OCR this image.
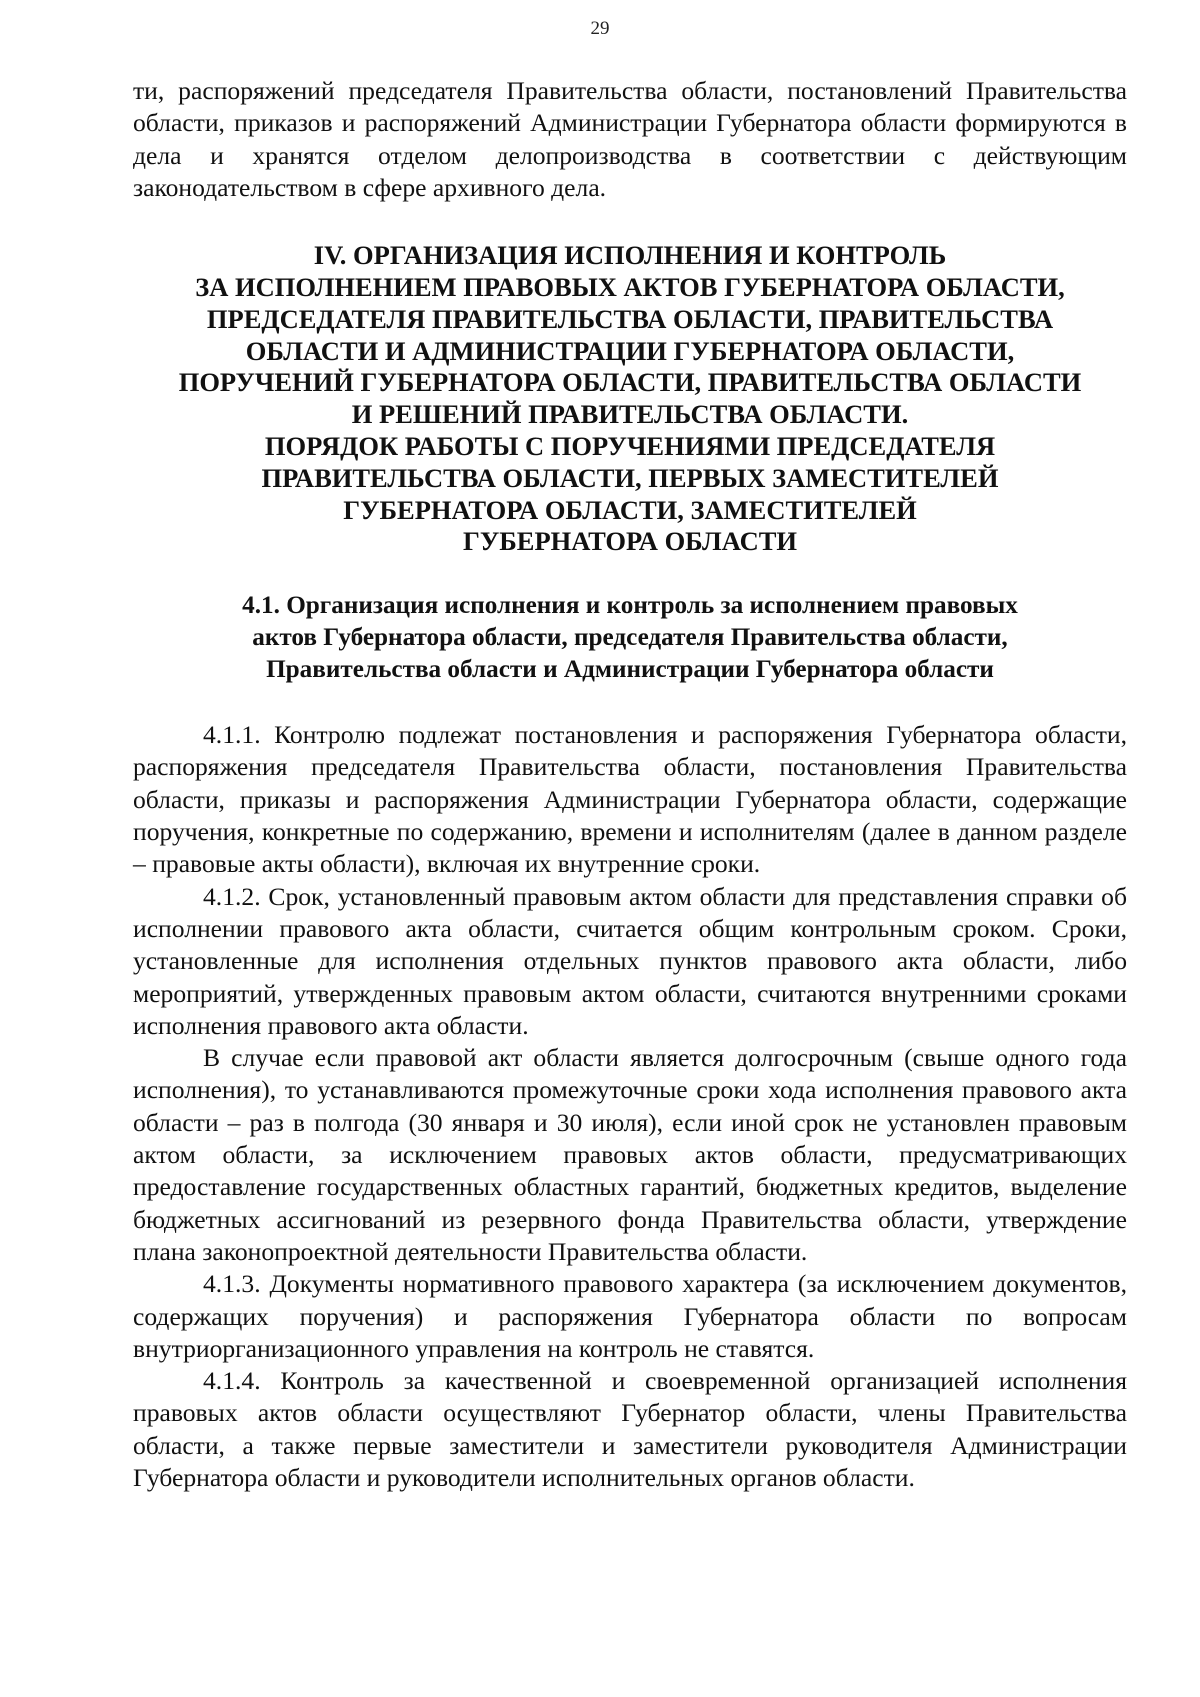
29

ти, распоряжений председателя Правительства области, постановлений Правительства области, приказов и распоряжений Администрации Губернатора области формируются в дела и хранятся отделом делопроизводства в соответствии с действующим законодательством в сфере архивного дела.

IV. ОРГАНИЗАЦИЯ ИСПОЛНЕНИЯ И КОНТРОЛЬ
ЗА ИСПОЛНЕНИЕМ ПРАВОВЫХ АКТОВ ГУБЕРНАТОРА ОБЛАСТИ,
ПРЕДСЕДАТЕЛЯ ПРАВИТЕЛЬСТВА ОБЛАСТИ, ПРАВИТЕЛЬСТВА
ОБЛАСТИ И АДМИНИСТРАЦИИ ГУБЕРНАТОРА ОБЛАСТИ,
ПОРУЧЕНИЙ ГУБЕРНАТОРА ОБЛАСТИ, ПРАВИТЕЛЬСТВА ОБЛАСТИ
И РЕШЕНИЙ ПРАВИТЕЛЬСТВА ОБЛАСТИ.
ПОРЯДОК РАБОТЫ С ПОРУЧЕНИЯМИ ПРЕДСЕДАТЕЛЯ
ПРАВИТЕЛЬСТВА ОБЛАСТИ, ПЕРВЫХ ЗАМЕСТИТЕЛЕЙ
ГУБЕРНАТОРА ОБЛАСТИ, ЗАМЕСТИТЕЛЕЙ
ГУБЕРНАТОРА ОБЛАСТИ
4.1. Организация исполнения и контроль за исполнением правовых
актов Губернатора области, председателя Правительства области,
Правительства области и Администрации Губернатора области

4.1.1. Контролю подлежат постановления и распоряжения Губернатора области, распоряжения председателя Правительства области, постановления Правительства области, приказы и распоряжения Администрации Губернатора области, содержащие поручения, конкретные по содержанию, времени и исполнителям (далее в данном разделе – правовые акты области), включая их внутренние сроки.

4.1.2. Срок, установленный правовым актом области для представления справки об исполнении правового акта области, считается общим контрольным сроком. Сроки, установленные для исполнения отдельных пунктов правового акта области, либо мероприятий, утвержденных правовым актом области, считаются внутренними сроками исполнения правового акта области.

В случае если правовой акт области является долгосрочным (свыше одного года исполнения), то устанавливаются промежуточные сроки хода исполнения правового акта области – раз в полгода (30 января и 30 июля), если иной срок не установлен правовым актом области, за исключением правовых актов области, предусматривающих предоставление государственных областных гарантий, бюджетных кредитов, выделение бюджетных ассигнований из резервного фонда Правительства области, утверждение плана законопроектной деятельности Правительства области.

4.1.3. Документы нормативного правового характера (за исключением документов, содержащих поручения) и распоряжения Губернатора области по вопросам внутриорганизационного управления на контроль не ставятся.

4.1.4. Контроль за качественной и своевременной организацией исполнения правовых актов области осуществляют Губернатор области, члены Правительства области, а также первые заместители и заместители руководителя Администрации Губернатора области и руководители исполнительных органов области.
